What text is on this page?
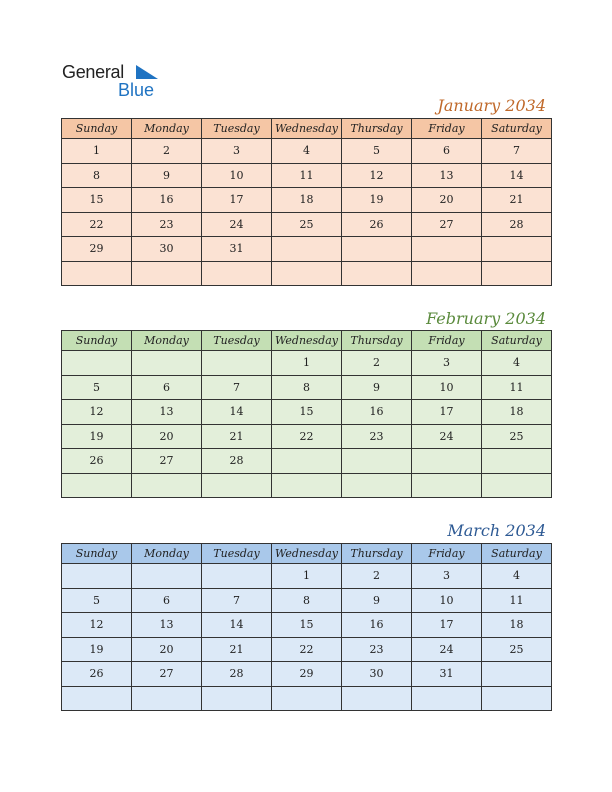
General
Blue
January 2034
Sunday	Monday	Tuesday	Wednesday	Thursday	Friday	Saturday
1	2	3	4	5	6	7
8	9	10	11	12	13	14
15	16	17	18	19	20	21
22	23	24	25	26	27	28
29	30	31				

February 2034
Sunday	Monday	Tuesday	Wednesday	Thursday	Friday	Saturday
			1	2	3	4
5	6	7	8	9	10	11
12	13	14	15	16	17	18
19	20	21	22	23	24	25
26	27	28				

March 2034
Sunday	Monday	Tuesday	Wednesday	Thursday	Friday	Saturday
			1	2	3	4
5	6	7	8	9	10	11
12	13	14	15	16	17	18
19	20	21	22	23	24	25
26	27	28	29	30	31	
